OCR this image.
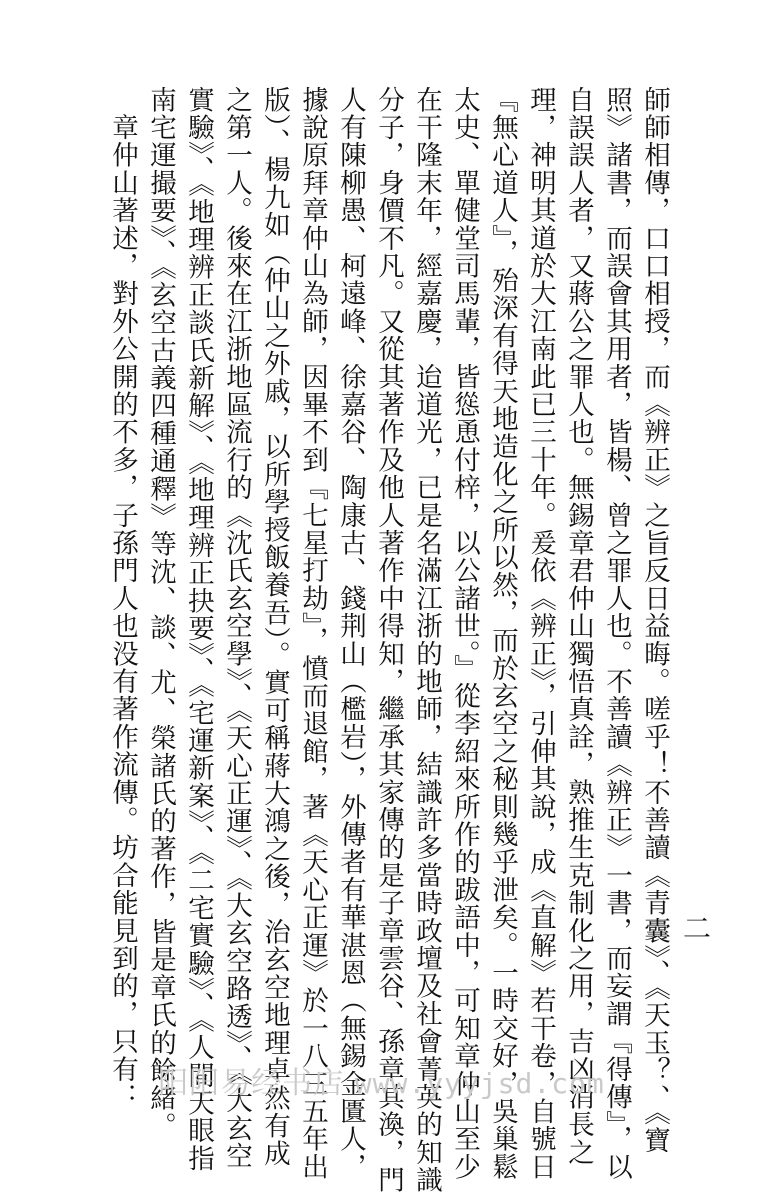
師師相傳，口口相授，而《辨正》之旨反日益晦。嗟乎！不善讀《青囊》、《天玉？、《寶
照》諸書，而誤會其用者，皆楊、曾之罪人也。不善讀《辨正》一書，而妄謂『得傳』，以
自誤誤人者，又蔣公之罪人也。無錫章君仲山獨悟真詮，熟推生克制化之用，吉凶消長之
理，神明其道於大江南此已三十年。爰依《辨正》，引伸其說，成《直解》若干卷，自號日
『無心道人』，殆深有得天地造化之所以然，而於玄空之秘則幾乎泄矣。一時交好，吳巢鬆
太史、單健堂司馬輩，皆慫恿付梓，以公諸世。』從李紹來所作的跋語中，可知章仲山至少
在干隆末年，經嘉慶，迨道光，已是名滿江浙的地師，結識許多當時政壇及社會菁英的知識
分子，身價不凡。又從其著作及他人著作中得知，繼承其家傳的是子章雲谷、孫章其渙，門
人有陳柳愚、柯遠峰、徐嘉谷、陶康古、錢荆山（檻岩），外傳者有華湛恩（無錫金匱人，
據說原拜章仲山為師，因畢不到『七星打劫』，憤而退館，著《天心正運》於一八三五年出
版）、楊九如（仲山之外戚，以所學授飯養吾）。實可稱蔣大鴻之後，治玄空地理卓然有成
之第一人。後來在江浙地區流行的《沈氏玄空學》、《天心正運》、《大玄空路透》、《大玄空
實驗》、《地理辨正談氏新解》、《地理辨正抉要》、《宅運新案》、《二宅實驗》、《人間天眼指
南宅運撮要》、《玄空古義四種通釋》等沈、談、尤、榮諸氏的著作，皆是章氏的餘緒。
　章仲山著述，對外公開的不多，子孫門人也没有著作流傳。坊合能見到的，只有：	二
阳阳易经书店 www.yyyjsd.com
